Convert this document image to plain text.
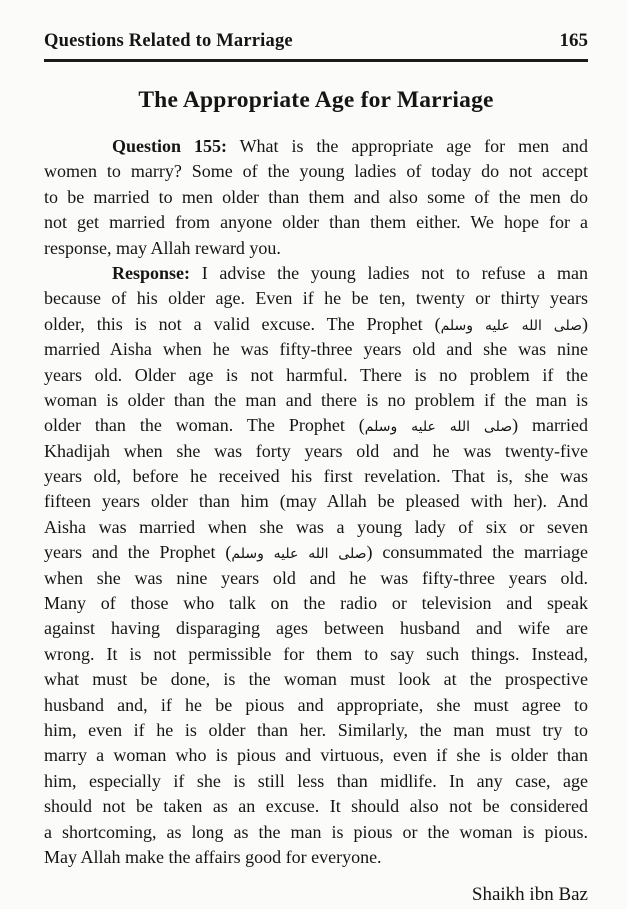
Questions Related to Marriage	165
The Appropriate Age for Marriage
Question 155: What is the appropriate age for men and
women to marry? Some of the young ladies of today do not accept
to be married to men older than them and also some of the men do
not get married from anyone older than them either. We hope for a
response, may Allah reward you.
Response: I advise the young ladies not to refuse a man
because of his older age. Even if he be ten, twenty or thirty years
older, this is not a valid excuse. The Prophet (صلى الله عليه وسلم)
married Aisha when he was fifty-three years old and she was nine
years old. Older age is not harmful. There is no problem if the
woman is older than the man and there is no problem if the man is
older than the woman. The Prophet (صلى الله عليه وسلم) married
Khadijah when she was forty years old and he was twenty-five
years old, before he received his first revelation. That is, she was
fifteen years older than him (may Allah be pleased with her). And
Aisha was married when she was a young lady of six or seven
years and the Prophet (صلى الله عليه وسلم) consummated the marriage
when she was nine years old and he was fifty-three years old.
Many of those who talk on the radio or television and speak
against having disparaging ages between husband and wife are
wrong. It is not permissible for them to say such things. Instead,
what must be done, is the woman must look at the prospective
husband and, if he be pious and appropriate, she must agree to
him, even if he is older than her. Similarly, the man must try to
marry a woman who is pious and virtuous, even if she is older than
him, especially if she is still less than midlife. In any case, age
should not be taken as an excuse. It should also not be considered
a shortcoming, as long as the man is pious or the woman is pious.
May Allah make the affairs good for everyone.
Shaikh ibn Baz
